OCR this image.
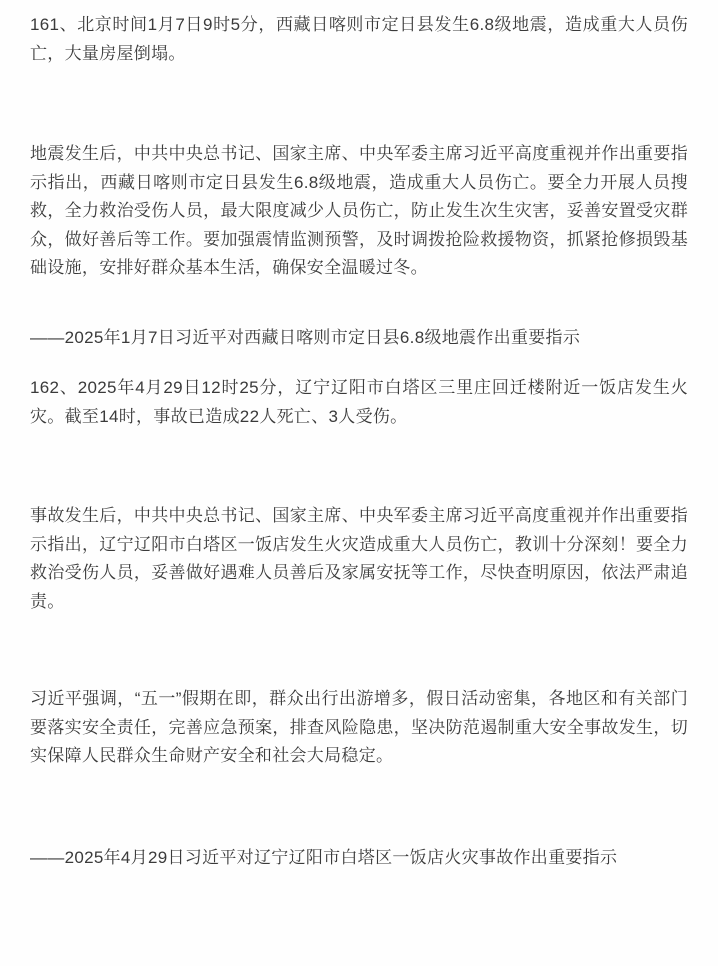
161、北京时间1月7日9时5分，西藏日喀则市定日县发生6.8级地震，造成重大人员伤亡，大量房屋倒塌。

地震发生后，中共中央总书记、国家主席、中央军委主席习近平高度重视并作出重要指示指出，西藏日喀则市定日县发生6.8级地震，造成重大人员伤亡。要全力开展人员搜救，全力救治受伤人员，最大限度减少人员伤亡，防止发生次生灾害，妥善安置受灾群众，做好善后等工作。要加强震情监测预警，及时调拨抢险救援物资，抓紧抢修损毁基础设施，安排好群众基本生活，确保安全温暖过冬。

——2025年1月7日习近平对西藏日喀则市定日县6.8级地震作出重要指示

162、2025年4月29日12时25分，辽宁辽阳市白塔区三里庄回迁楼附近一饭店发生火灾。截至14时，事故已造成22人死亡、3人受伤。

事故发生后，中共中央总书记、国家主席、中央军委主席习近平高度重视并作出重要指示指出，辽宁辽阳市白塔区一饭店发生火灾造成重大人员伤亡，教训十分深刻！要全力救治受伤人员，妥善做好遇难人员善后及家属安抚等工作，尽快查明原因，依法严肃追责。

习近平强调，“五一”假期在即，群众出行出游增多，假日活动密集，各地区和有关部门要落实安全责任，完善应急预案，排查风险隐患，坚决防范遏制重大安全事故发生，切实保障人民群众生命财产安全和社会大局稳定。

——2025年4月29日习近平对辽宁辽阳市白塔区一饭店火灾事故作出重要指示
